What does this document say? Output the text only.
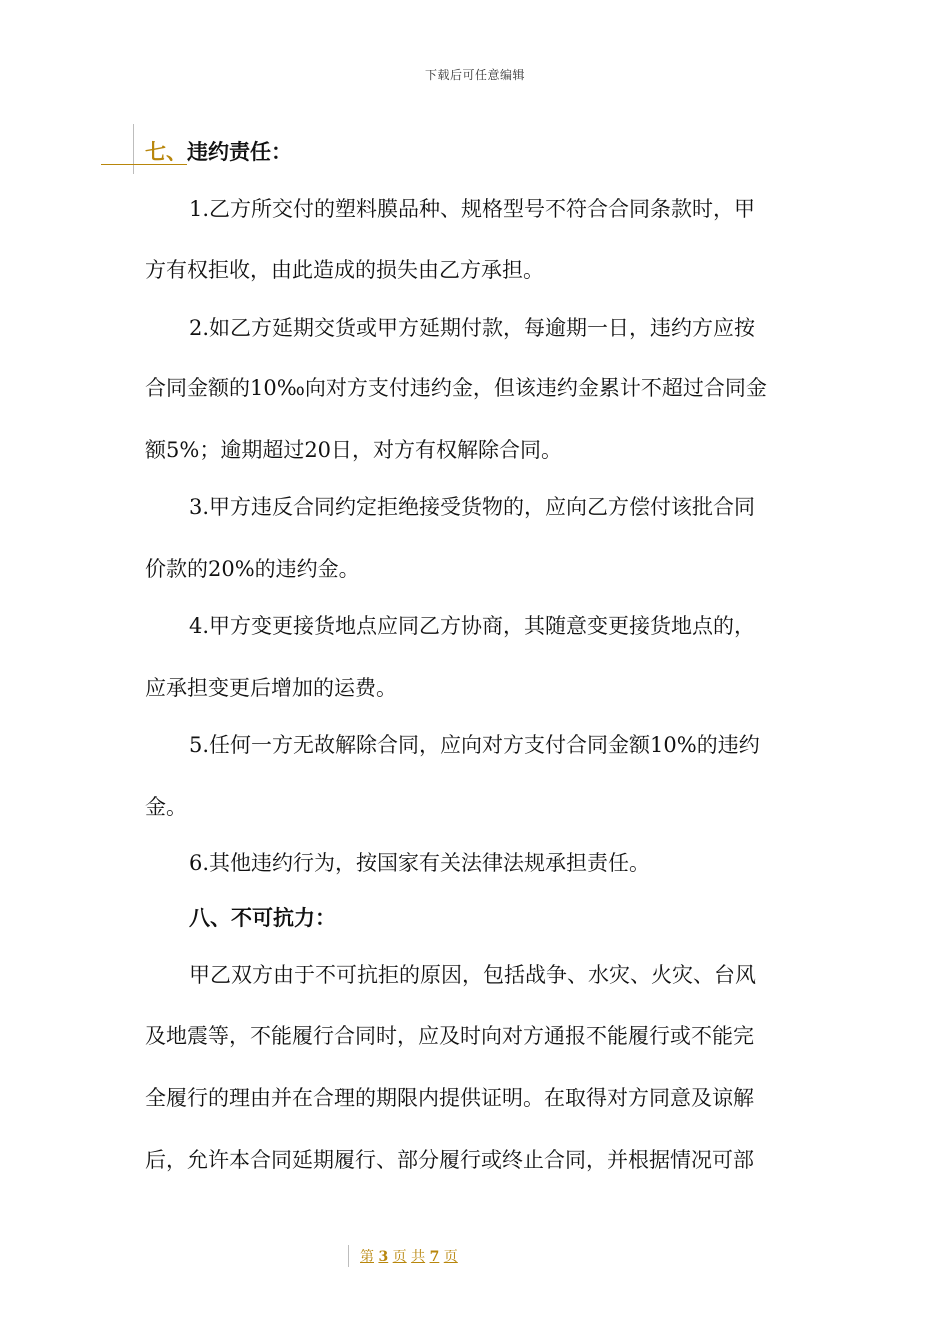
下载后可任意编辑
七、违约责任：
1.乙方所交付的塑料膜品种、规格型号不符合合同条款时，甲
方有权拒收，由此造成的损失由乙方承担。
2.如乙方延期交货或甲方延期付款，每逾期一日，违约方应按
合同金额的10‰向对方支付违约金，但该违约金累计不超过合同金
额5%；逾期超过20日，对方有权解除合同。
3.甲方违反合同约定拒绝接受货物的，应向乙方偿付该批合同
价款的20%的违约金。
4.甲方变更接货地点应同乙方协商，其随意变更接货地点的，
应承担变更后增加的运费。
5.任何一方无故解除合同，应向对方支付合同金额10%的违约
金。
6.其他违约行为，按国家有关法律法规承担责任。
八、不可抗力：
甲乙双方由于不可抗拒的原因，包括战争、水灾、火灾、台风
及地震等，不能履行合同时，应及时向对方通报不能履行或不能完
全履行的理由并在合理的期限内提供证明。在取得对方同意及谅解
后，允许本合同延期履行、部分履行或终止合同，并根据情况可部
第 3 页 共 7 页
